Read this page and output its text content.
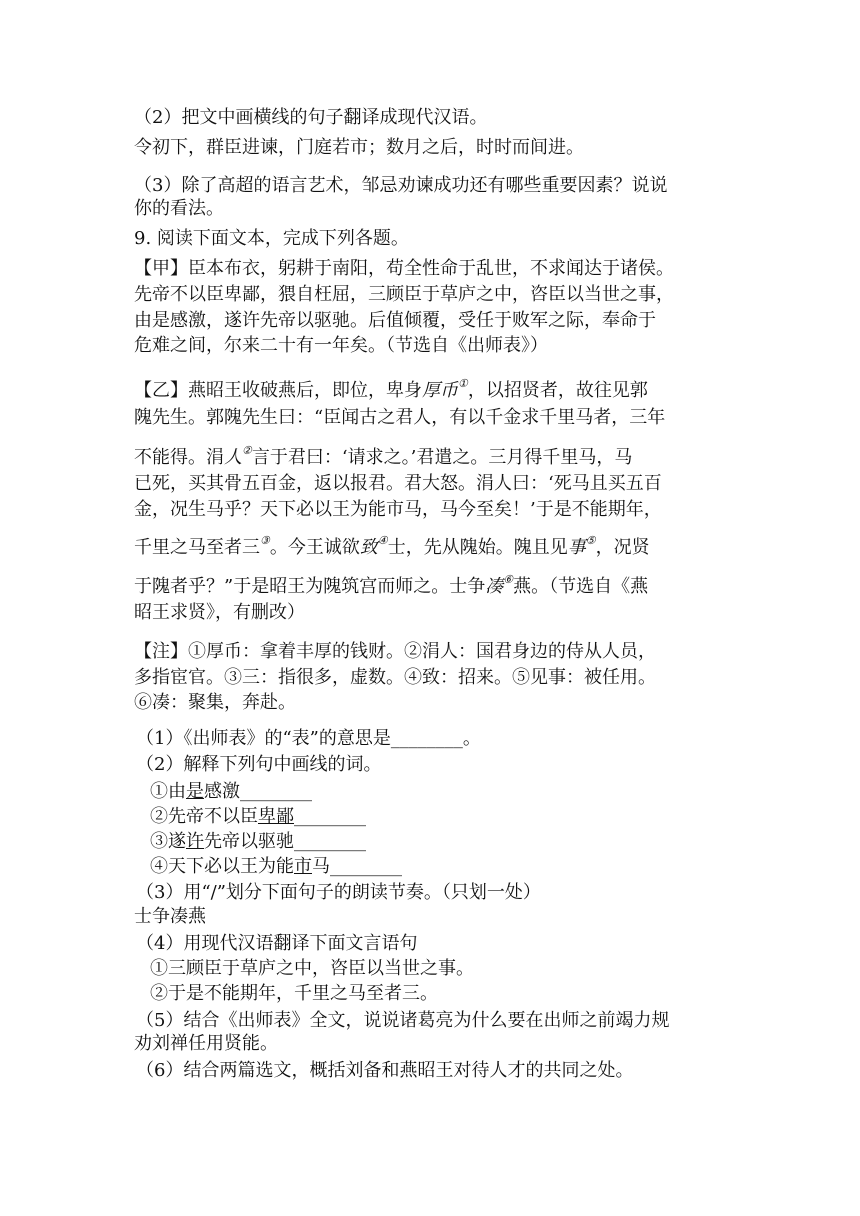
（2）把文中画横线的句子翻译成现代汉语。
令初下，群臣进谏，门庭若市；数月之后，时时而间进。
（3）除了高超的语言艺术，邹忌劝谏成功还有哪些重要因素？说说
你的看法。
9. 阅读下面文本，完成下列各题。
【甲】臣本布衣，躬耕于南阳，苟全性命于乱世，不求闻达于诸侯。
先帝不以臣卑鄙，猥自枉屈，三顾臣于草庐之中，咨臣以当世之事，
由是感激，遂许先帝以驱驰。后值倾覆，受任于败军之际，奉命于
危难之间，尔来二十有一年矣。（节选自《出师表》）
【乙】燕昭王收破燕后，即位，卑身厚币①，以招贤者，故往见郭
隗先生。郭隗先生曰：“臣闻古之君人，有以千金求千里马者，三年
不能得。涓人②言于君曰：‘请求之。’君遣之。三月得千里马，马
已死，买其骨五百金，返以报君。君大怒。涓人曰：‘死马且买五百
金，况生马乎？天下必以王为能市马，马今至矣！’于是不能期年，
千里之马至者三③。今王诚欲致④士，先从隗始。隗且见事⑤，况贤
于隗者乎？”于是昭王为隗筑宫而师之。士争凑⑥燕。（节选自《燕
昭王求贤》，有删改）
【注】①厚币：拿着丰厚的钱财。②涓人：国君身边的侍从人员，
多指宦官。③三：指很多，虚数。④致：招来。⑤见事：被任用。
⑥凑：聚集，奔赴。
（1）《出师表》的“表”的意思是________。
（2）解释下列句中画线的词。
①由是感激________
②先帝不以臣卑鄙________
③遂许先帝以驱驰________
④天下必以王为能市马________
（3）用“/”划分下面句子的朗读节奏。（只划一处）
士争凑燕
（4）用现代汉语翻译下面文言语句
①三顾臣于草庐之中，咨臣以当世之事。
②于是不能期年，千里之马至者三。
（5）结合《出师表》全文，说说诸葛亮为什么要在出师之前竭力规
劝刘禅任用贤能。
（6）结合两篇选文，概括刘备和燕昭王对待人才的共同之处。
